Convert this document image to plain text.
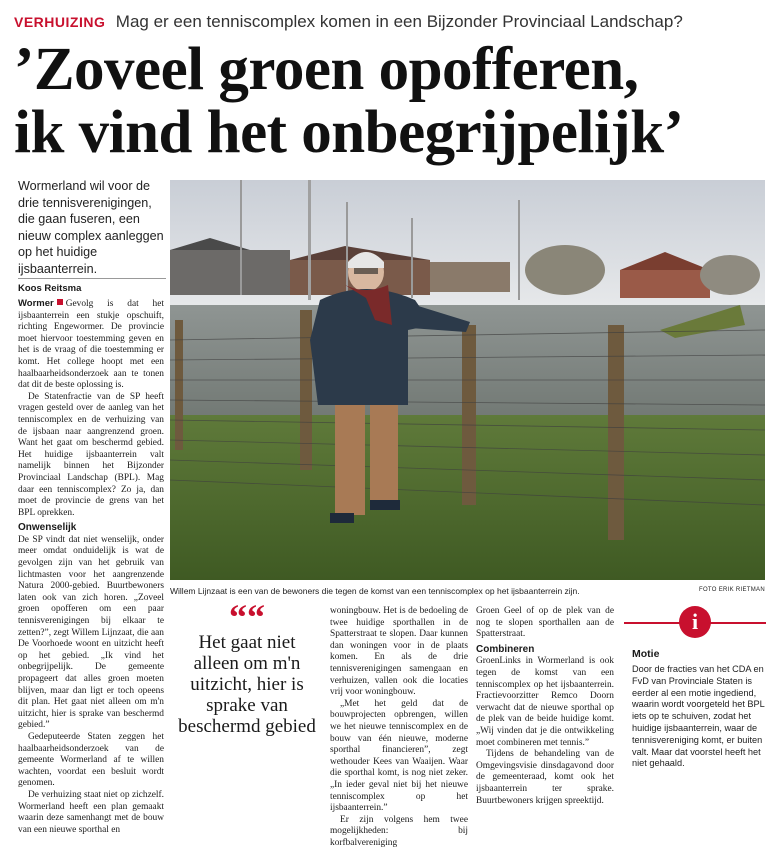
VERHUIZING Mag er een tenniscomplex komen in een Bijzonder Provinciaal Landschap?
’Zoveel groen opofferen,
ik vind het onbegrijpelijk’
Wormerland wil voor de drie tennisverenigingen, die gaan fuseren, een nieuw complex aanleggen op het huidige ijsbaanterrein.
Koos Reitsma

Wormer Gevolg is dat het ijsbaanterrein een stukje opschuift, richting Engewormer. De provincie moet hiervoor toestemming geven en het is de vraag of die toestemming er komt. Het college hoopt met een haalbaarheidsonderzoek aan te tonen dat dit de beste oplossing is.

De Statenfractie van de SP heeft vragen gesteld over de aanleg van het tenniscomplex en de verhuizing van de ijsbaan naar aangrenzend groen. Want het gaat om beschermd gebied. Het huidige ijsbaanterrein valt namelijk binnen het Bijzonder Provinciaal Landschap (BPL). Mag daar een tenniscomplex? Zo ja, dan moet de provincie de grens van het BPL oprekken.

Onwenselijk

De SP vindt dat niet wenselijk, onder meer omdat onduidelijk is wat de gevolgen zijn van het gebruik van lichtmasten voor het aangrenzende Natura 2000-gebied. Buurtbewoners laten ook van zich horen. „Zoveel groen opofferen om een paar tennisverenigingen bij elkaar te zetten?”, zegt Willem Lijnzaat, die aan De Voorhoede woont en uitzicht heeft op het gebied. „Ik vind het onbegrijpelijk. De gemeente propageert dat alles groen moeten blijven, maar dan ligt er toch opeens dit plan. Het gaat niet alleen om m'n uitzicht, hier is sprake van beschermd gebied.”

Gedeputeerde Staten zeggen het haalbaarheidsonderzoek van de gemeente Wormerland af te willen wachten, voordat een besluit wordt genomen.

De verhuizing staat niet op zichzelf. Wormerland heeft een plan gemaakt waarin deze samenhangt met de bouw van een nieuwe sporthal en

Willem Lijnzaat is een van de bewoners die tegen de komst van een tenniscomplex op het ijsbaanterrein zijn.	FOTO ERIK RIETMAN
““
Het gaat niet alleen om m'n uitzicht, hier is sprake van beschermd gebied

woningbouw. Het is de bedoeling de twee huidige sporthallen in de Spatterstraat te slopen. Daar kunnen dan woningen voor in de plaats komen. En als de drie tennisverenigingen samengaan en verhuizen, vallen ook die locaties vrij voor woningbouw.

„Met het geld dat de bouwprojecten opbrengen, willen we het nieuwe tenniscomplex en de bouw van één nieuwe, moderne sporthal financieren”, zegt wethouder Kees van Waaijen. Waar die sporthal komt, is nog niet zeker. „In ieder geval niet bij het nieuwe tenniscomplex op het ijsbaanterrein.”

Er zijn volgens hem twee mogelijkheden: bij korfbalvereniging

Groen Geel of op de plek van de nog te slopen sporthallen aan de Spatterstraat.

Combineren

GroenLinks in Wormerland is ook tegen de komst van een tenniscomplex op het ijsbaanterrein. Fractievoorzitter Remco Doorn verwacht dat de nieuwe sporthal op de plek van de beide huidige komt. „Wij vinden dat je die ontwikkeling moet combineren met tennis.”

Tijdens de behandeling van de Omgevingsvisie dinsdagavond door de gemeenteraad, komt ook het ijsbaanterrein ter sprake. Buurtbewoners krijgen spreektijd.

i
Motie
Door de fracties van het CDA en FvD van Provinciale Staten is eerder al een motie ingediend, waarin wordt voorgeteld het BPL iets op te schuiven, zodat het huidige ijsbaanterrein, waar de tennisvereniging komt, er buiten valt. Maar dat voorstel heeft het niet gehaald.
